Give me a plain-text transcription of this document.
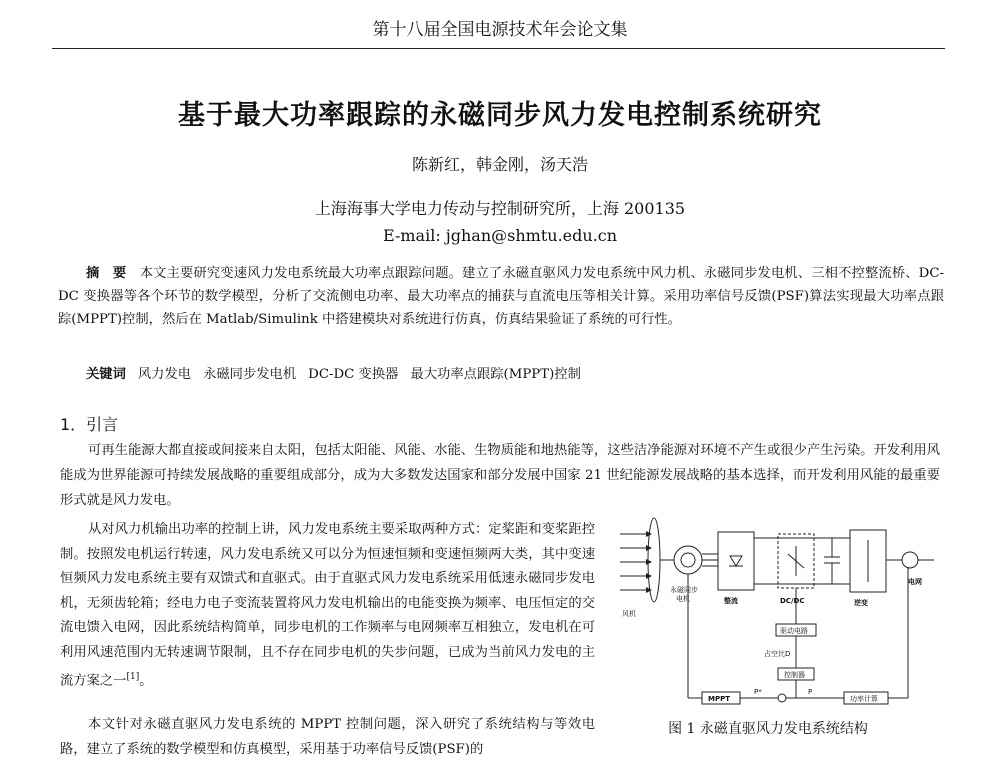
第十八届全国电源技术年会论文集
基于最大功率跟踪的永磁同步风力发电控制系统研究
陈新红，韩金刚，汤天浩
上海海事大学电力传动与控制研究所，上海 200135
E-mail: jghan@shmtu.edu.cn
摘　要　 本文主要研究变速风力发电系统最大功率点跟踪问题。建立了永磁直驱风力发电系统中风力机、永磁同步发电机、三相不控整流桥、DC-DC 变换器等各个环节的数学模型，分析了交流侧电功率、最大功率点的捕获与直流电压等相关计算。采用功率信号反馈(PSF)算法实现最大功率点跟踪(MPPT)控制，然后在 Matlab/Simulink 中搭建模块对系统进行仿真，仿真结果验证了系统的可行性。
关键词 风力发电 永磁同步发电机 DC-DC 变换器 最大功率点跟踪(MPPT)控制
1．引言
可再生能源大都直接或间接来自太阳，包括太阳能、风能、水能、生物质能和地热能等，这些洁净能源对环境不产生或很少产生污染。开发利用风能成为世界能源可持续发展战略的重要组成部分，成为大多数发达国家和部分发展中国家 21 世纪能源发展战略的基本选择，而开发利用风能的最重要形式就是风力发电。
从对风力机输出功率的控制上讲，风力发电系统主要采取两种方式：定桨距和变桨距控制。按照发电机运行转速，风力发电系统又可以分为恒速恒频和变速恒频两大类，其中变速恒频风力发电系统主要有双馈式和直驱式。由于直驱式风力发电系统采用低速永磁同步发电机，无须齿轮箱；经电力电子变流装置将风力发电机输出的电能变换为频率、电压恒定的交流电馈入电网，因此系统结构简单，同步电机的工作频率与电网频率互相独立，发电机在可利用风速范围内无转速调节限制，且不存在同步电机的失步问题，已成为当前风力发电的主流方案之一[1]。
本文针对永磁直驱风力发电系统的 MPPT 控制问题，深入研究了系统结构与等效电路，建立了系统的数学模型和仿真模型，采用基于功率信号反馈(PSF)的
风机
永磁同步
电机	整流	DC/DC	逆变
电网
驱动电路
占空比D
控制器
MPPT
P*	P
功率计算
图 1 永磁直驱风力发电系统结构
